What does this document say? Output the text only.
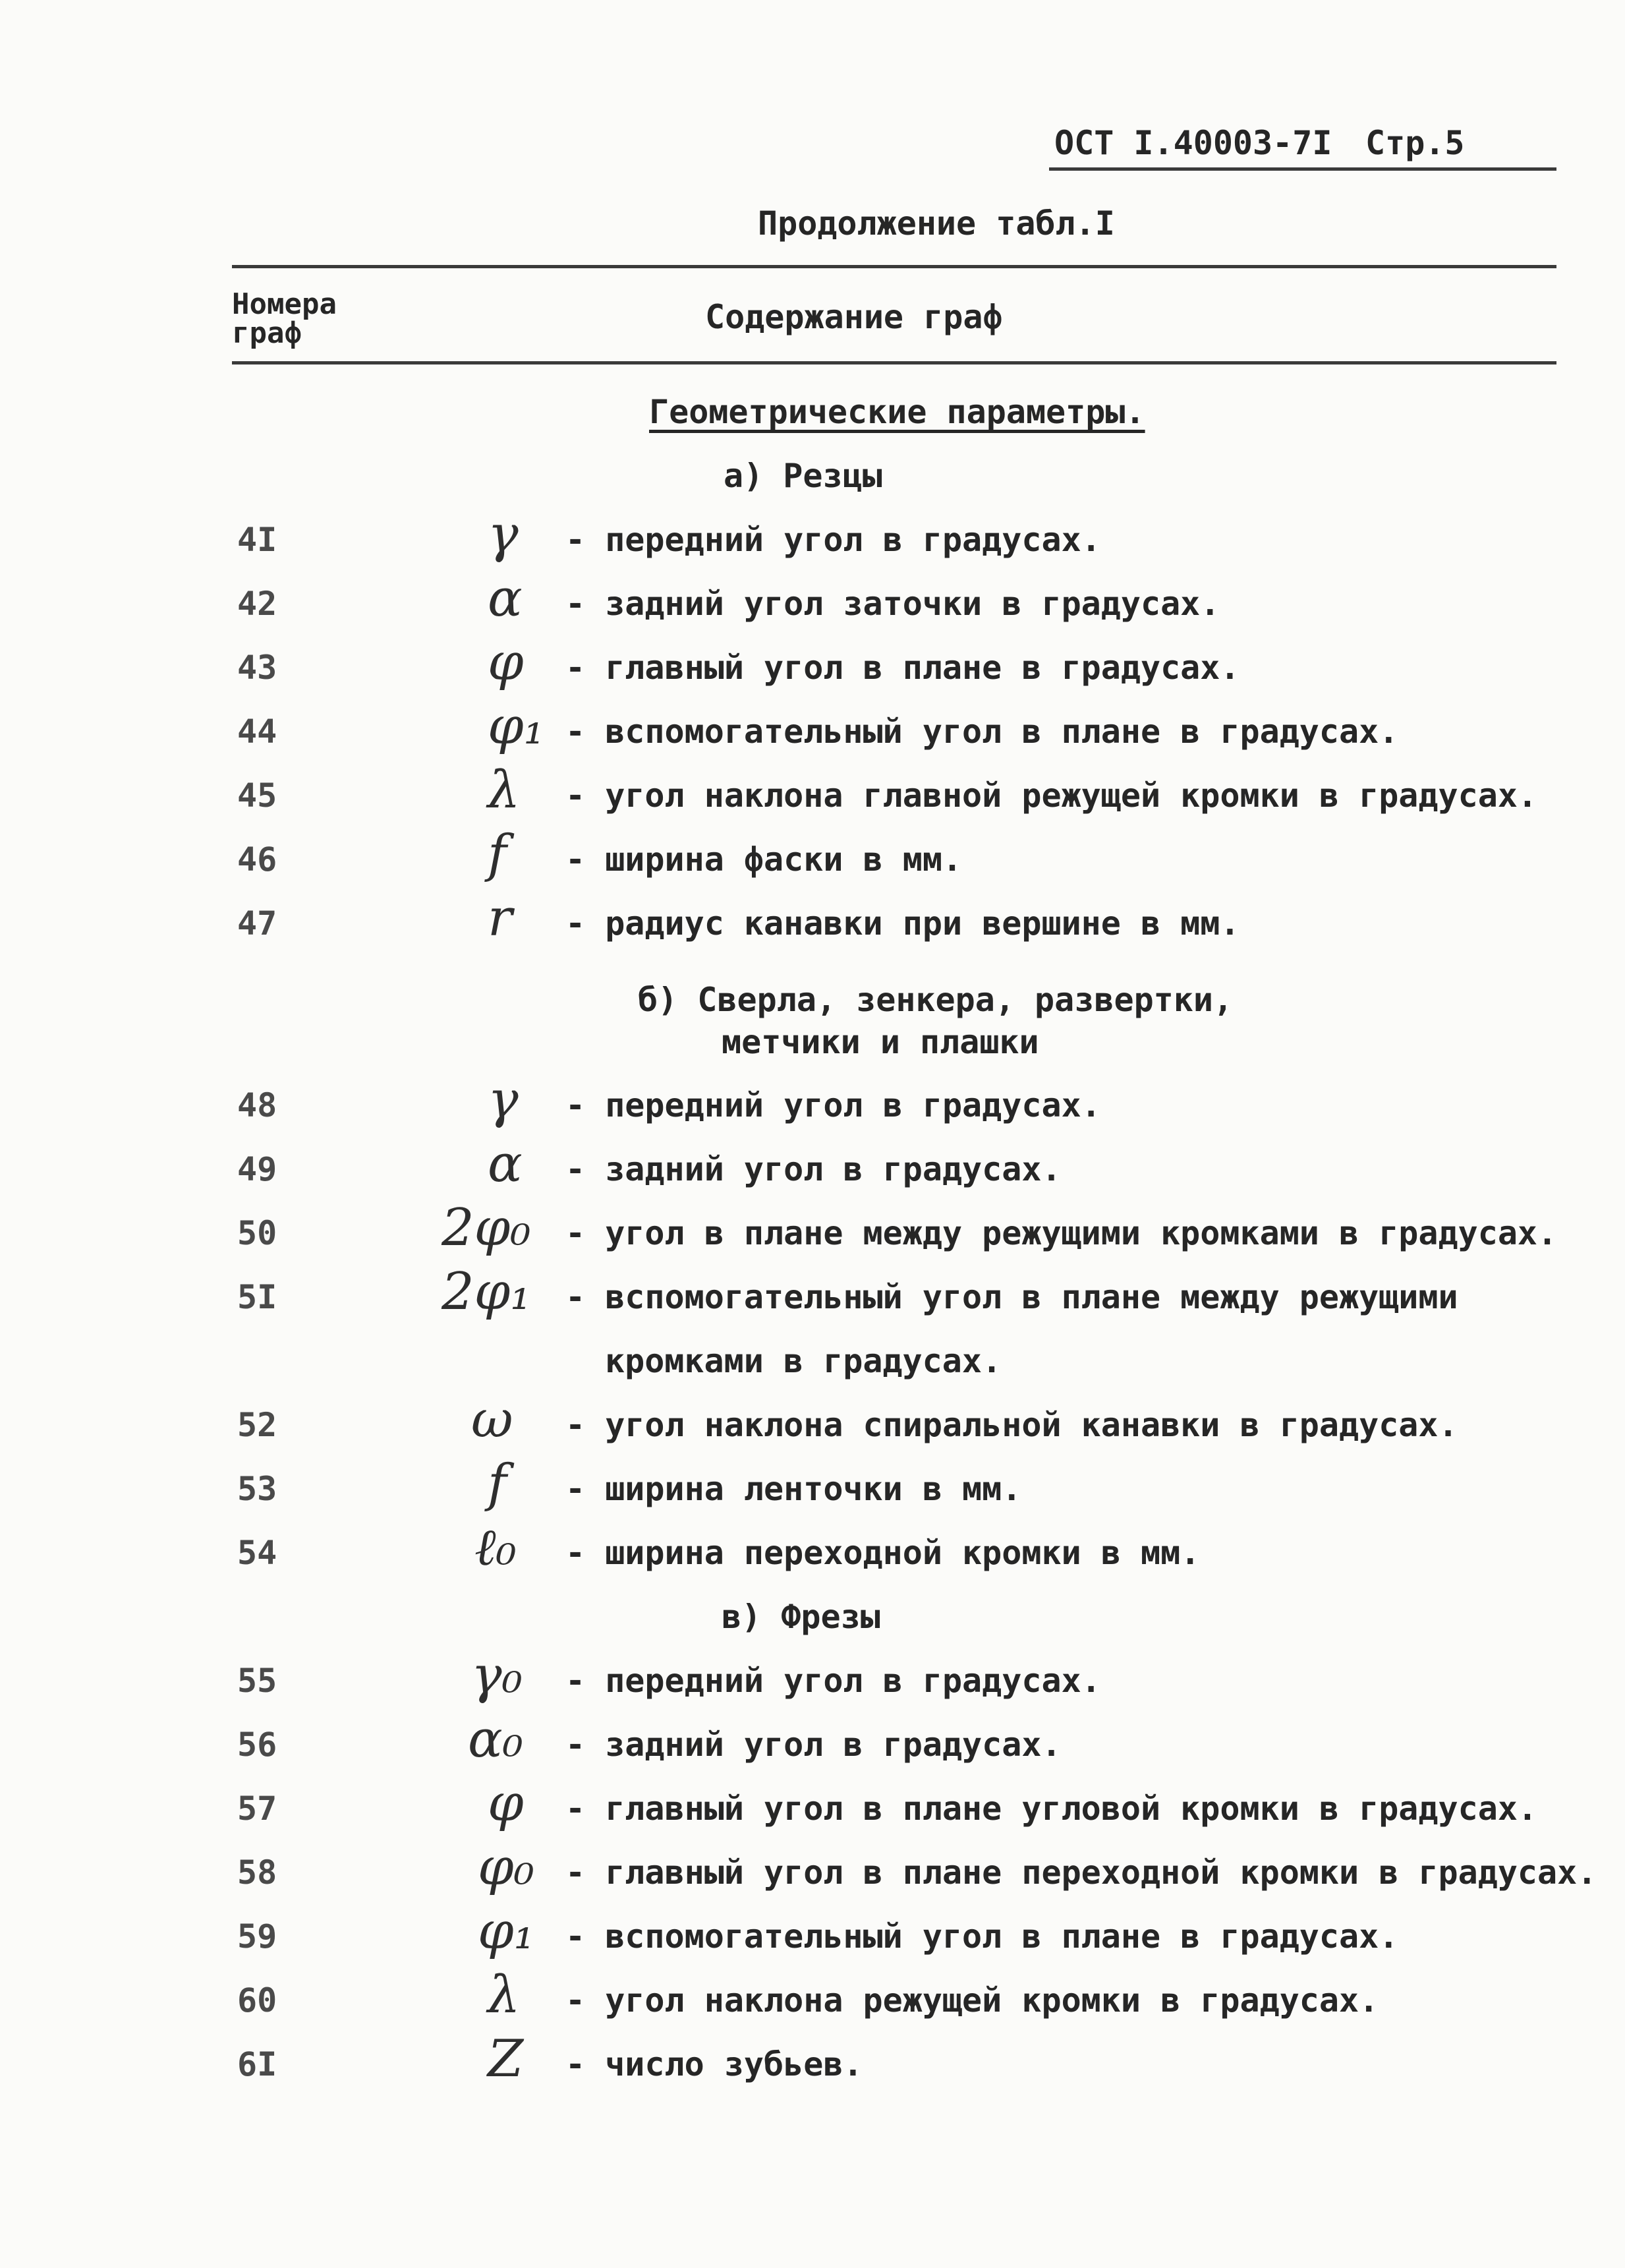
ОСТ I.40003-7I Стр.5
Продолжение табл.I
Номера граф	Содержание граф
Геометрические параметры.
а) Резцы
4I	γ - передний угол в градусах.
42	α - задний угол заточки в градусах.
43	φ - главный угол в плане в градусах.
44	φ₁ - вспомогательный угол в плане в градусах.
45	λ - угол наклона главной режущей кромки в градусах.
46	f - ширина фаски в мм.
47	r - радиус канавки при вершине в мм.
б) Сверла, зенкера, развертки,
метчики и плашки
48	γ - передний угол в градусах.
49	α - задний угол в градусах.
50	2φ₀ - угол в плане между режущими кромками в градусах.
5I	2φ₁ - вспомогательный угол в плане между режущими
кромками в градусах.
52	ω - угол наклона спиральной канавки в градусах.
53	f - ширина ленточки в мм.
54	ℓ₀ - ширина переходной кромки в мм.
в) Фрезы
55	γ₀ - передний угол в градусах.
56	α₀ - задний угол в градусах.
57	φ - главный угол в плане угловой кромки в градусах.
58	φ₀ - главный угол в плане переходной кромки в градусах.
59	φ₁ - вспомогательный угол в плане в градусах.
60	λ - угол наклона режущей кромки в градусах.
6I	Z - число зубьев.
